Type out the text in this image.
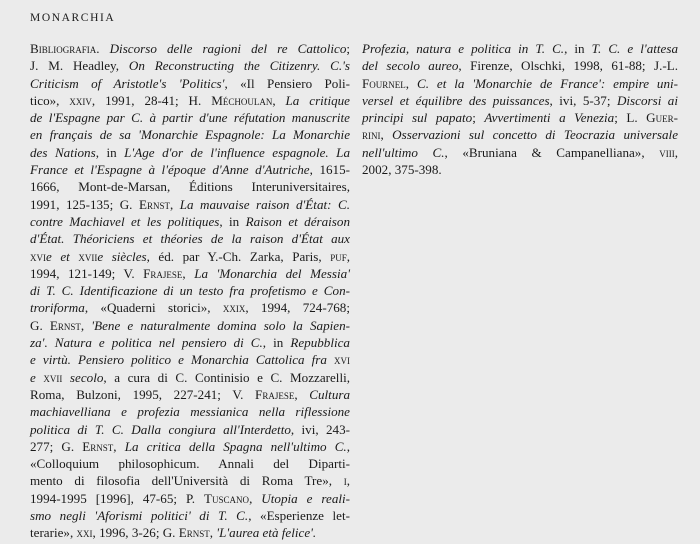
MONARCHIA
Bibliografia. Discorso delle ragioni del re Cattolico;
J. M. Headley, On Reconstructing the Citizenry. C.'s
Criticism of Aristotle's 'Politics', «Il Pensiero Poli-
tico», xxiv, 1991, 28-41; H. Méchoulan, La critique
de l'Espagne par C. à partir d'une réfutation manuscrite
en français de sa 'Monarchie Espagnole: La Monarchie
des Nations, in L'Age d'or de l'influence espagnole. La
France et l'Espagne à l'époque d'Anne d'Autriche, 1615-
1666, Mont-de-Marsan, Éditions Interuniversitaires,
1991, 125-135; G. Ernst, La mauvaise raison d'État: C.
contre Machiavel et les politiques, in Raison et déraison
d'État. Théoriciens et théories de la raison d'État aux
xvie et xviie siècles, éd. par Y.-Ch. Zarka, Paris, puf,
1994, 121-149; V. Frajese, La 'Monarchia del Messia'
di T. C. Identificazione di un testo fra profetismo e Con-
troriforma, «Quaderni storici», xxix, 1994, 724-768;
G. Ernst, 'Bene e naturalmente domina solo la Sapien-
za'. Natura e politica nel pensiero di C., in Repubblica
e virtù. Pensiero politico e Monarchia Cattolica fra xvi
e xvii secolo, a cura di C. Continisio e C. Mozzarelli,
Roma, Bulzoni, 1995, 227-241; V. Frajese, Cultura
machiavelliana e profezia messianica nella riflessione
politica di T. C. Dalla congiura all'Interdetto, ivi, 243-
277; G. Ernst, La critica della Spagna nell'ultimo C.,
«Colloquium philosophicum. Annali del Diparti-
mento di filosofia dell'Università di Roma Tre», i,
1994-1995 [1996], 47-65; P. Tuscano, Utopia e reali-
smo negli 'Aforismi politici' di T. C., «Esperienze let-
terarie», xxi, 1996, 3-26; G. Ernst, 'L'aurea età felice'.
Profezia, natura e politica in T. C., in T. C. e l'attesa
del secolo aureo, Firenze, Olschki, 1998, 61-88; J.-L.
Fournel, C. et la 'Monarchie de France': empire uni-
versel et équilibre des puissances, ivi, 5-37; Discorsi ai
principi sul papato; Avvertimenti a Venezia; L. Guer-
rini, Osservazioni sul concetto di Teocrazia universale
nell'ultimo C., «Bruniana & Campanelliana», viii,
2002, 375-398.
